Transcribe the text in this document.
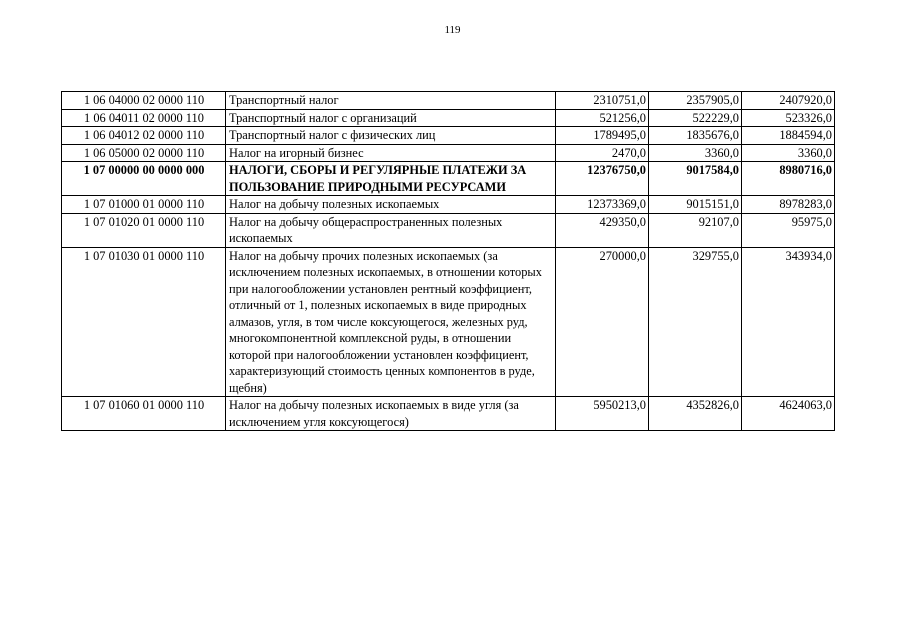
119
1 06 04000 02 0000 110	Транспортный налог	2310751,0	2357905,0	2407920,0
1 06 04011 02 0000 110	Транспортный налог с организаций	521256,0	522229,0	523326,0
1 06 04012 02 0000 110	Транспортный налог с физических лиц	1789495,0	1835676,0	1884594,0
1 06 05000 02 0000 110	Налог на игорный бизнес	2470,0	3360,0	3360,0
1 07 00000 00 0000 000	НАЛОГИ, СБОРЫ И РЕГУЛЯРНЫЕ ПЛАТЕЖИ ЗА ПОЛЬЗОВАНИЕ ПРИРОДНЫМИ РЕСУРСАМИ	12376750,0	9017584,0	8980716,0
1 07 01000 01 0000 110	Налог на добычу полезных ископаемых	12373369,0	9015151,0	8978283,0
1 07 01020 01 0000 110	Налог на добычу общераспространенных полезных ископаемых	429350,0	92107,0	95975,0
1 07 01030 01 0000 110	Налог на добычу прочих полезных ископаемых (за исключением полезных ископаемых, в отношении которых при налогообложении установлен рентный коэффициент, отличный от 1, полезных ископаемых в виде природных алмазов, угля, в том числе коксующегося, железных руд, многокомпонентной комплексной руды, в отношении которой при налогообложении установлен коэффициент, характеризующий стоимость ценных компонентов в руде, щебня)	270000,0	329755,0	343934,0
1 07 01060 01 0000 110	Налог на добычу полезных ископаемых в виде угля (за исключением угля коксующегося)	5950213,0	4352826,0	4624063,0
